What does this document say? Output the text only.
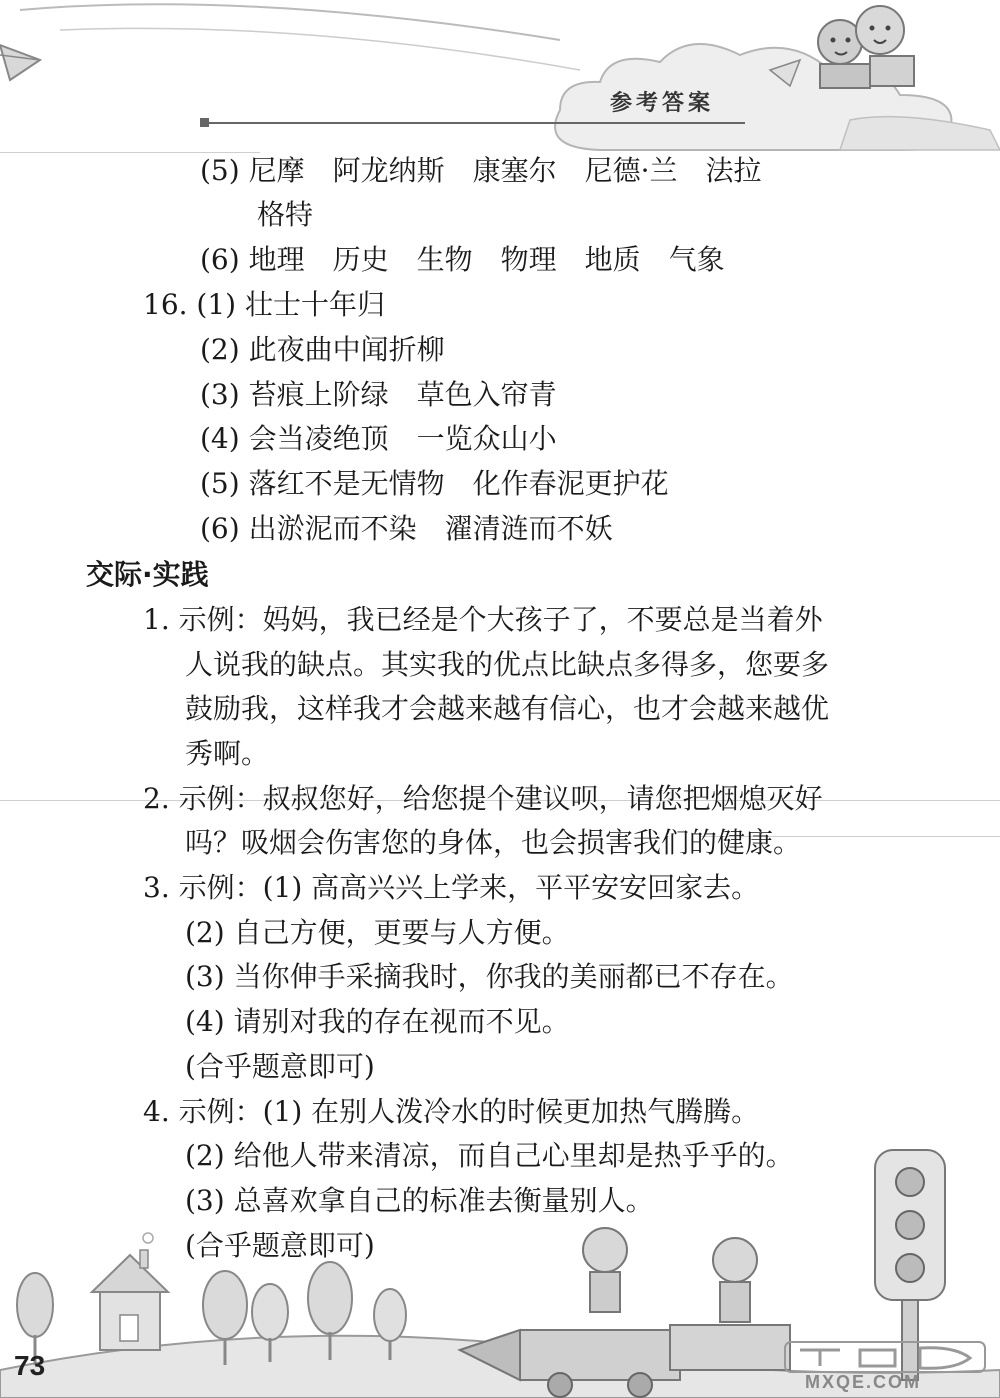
参考答案
(5) 尼摩 阿龙纳斯 康塞尔 尼德·兰 法拉
格特
(6) 地理 历史 生物 物理 地质 气象
16. (1) 壮士十年归
(2) 此夜曲中闻折柳
(3) 苔痕上阶绿 草色入帘青
(4) 会当凌绝顶 一览众山小
(5) 落红不是无情物 化作春泥更护花
(6) 出淤泥而不染 濯清涟而不妖
交际·实践
1. 示例：妈妈，我已经是个大孩子了，不要总是当着外
人说我的缺点。其实我的优点比缺点多得多，您要多
鼓励我，这样我才会越来越有信心，也才会越来越优
秀啊。
2. 示例：叔叔您好，给您提个建议呗，请您把烟熄灭好
吗？吸烟会伤害您的身体，也会损害我们的健康。
3. 示例：(1) 高高兴兴上学来，平平安安回家去。
(2) 自己方便，更要与人方便。
(3) 当你伸手采摘我时，你我的美丽都已不存在。
(4) 请别对我的存在视而不见。
(合乎题意即可)
4. 示例：(1) 在别人泼冷水的时候更加热气腾腾。
(2) 给他人带来清凉，而自己心里却是热乎乎的。
(3) 总喜欢拿自己的标准去衡量别人。
(合乎题意即可)
73
MXQE.COM
